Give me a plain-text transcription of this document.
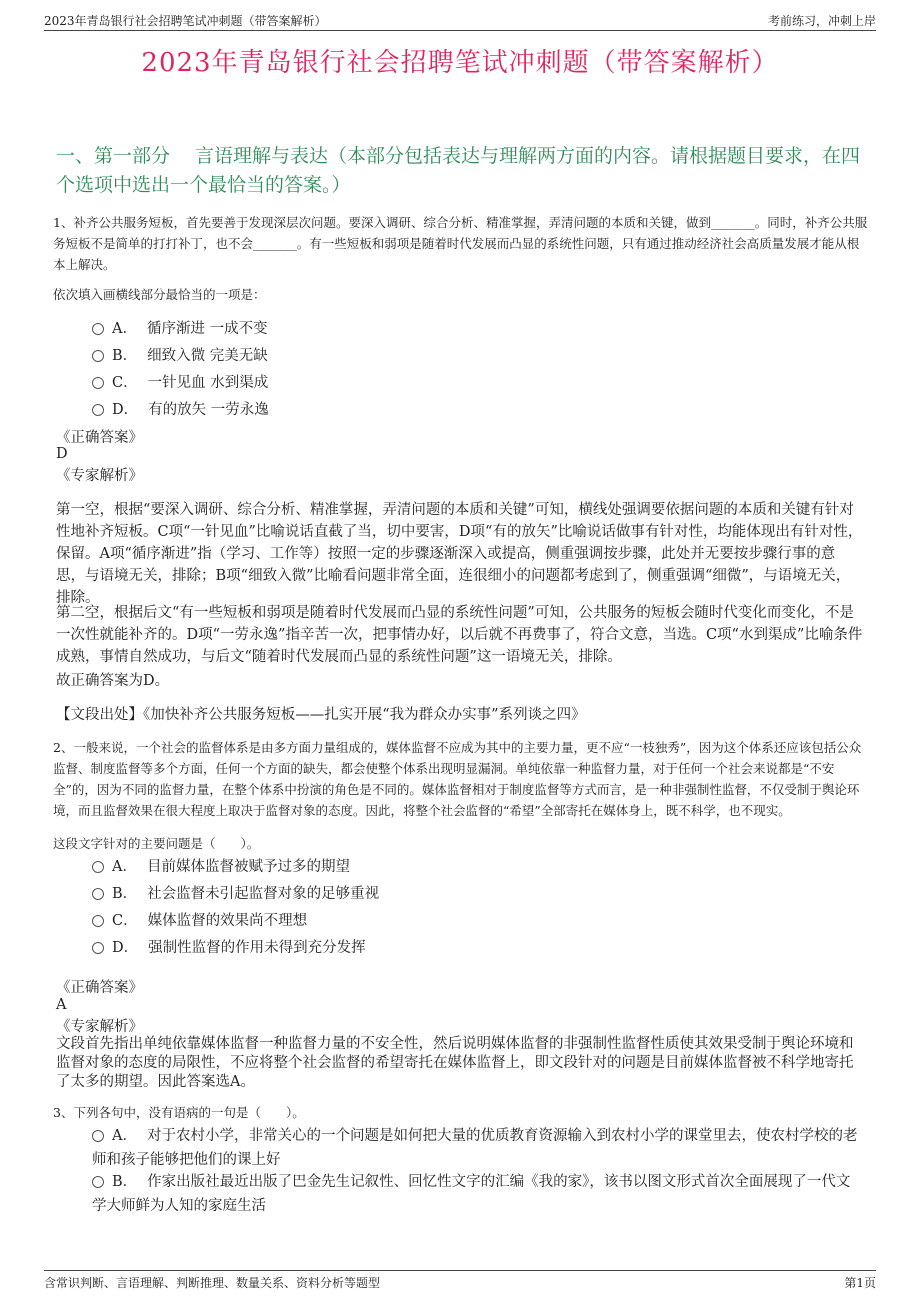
2023年青岛银行社会招聘笔试冲刺题（带答案解析）	考前练习，冲刺上岸
2023年青岛银行社会招聘笔试冲刺题（带答案解析）
一、第一部分　 言语理解与表达（本部分包括表达与理解两方面的内容。请根据题目要求，在四个选项中选出一个最恰当的答案。）
1、补齐公共服务短板，首先要善于发现深层次问题。要深入调研、综合分析、精准掌握，弄清问题的本质和关键，做到_______。同时，补齐公共服务短板不是简单的打打补丁，也不会_______。有一些短板和弱项是随着时代发展而凸显的系统性问题，只有通过推动经济社会高质量发展才能从根本上解决。
依次填入画横线部分最恰当的一项是：
A． 循序渐进 一成不变
B． 细致入微 完美无缺
C． 一针见血 水到渠成
D． 有的放矢 一劳永逸
《正确答案》
D
《专家解析》
第一空，根据“要深入调研、综合分析、精准掌握，弄清问题的本质和关键”可知，横线处强调要依据问题的本质和关键有针对性地补齐短板。C项“一针见血”比喻说话直截了当，切中要害，D项“有的放矢”比喻说话做事有针对性，均能体现出有针对性，保留。A项“循序渐进”指（学习、工作等）按照一定的步骤逐渐深入或提高，侧重强调按步骤，此处并无要按步骤行事的意思，与语境无关，排除；B项“细致入微”比喻看问题非常全面，连很细小的问题都考虑到了，侧重强调“细微”，与语境无关，排除。
第二空，根据后文“有一些短板和弱项是随着时代发展而凸显的系统性问题”可知，公共服务的短板会随时代变化而变化，不是一次性就能补齐的。D项“一劳永逸”指辛苦一次，把事情办好，以后就不再费事了，符合文意，当选。C项“水到渠成”比喻条件成熟，事情自然成功，与后文“随着时代发展而凸显的系统性问题”这一语境无关，排除。
故正确答案为D。
【文段出处】《加快补齐公共服务短板——扎实开展“我为群众办实事”系列谈之四》
2、一般来说，一个社会的监督体系是由多方面力量组成的，媒体监督不应成为其中的主要力量，更不应“一枝独秀”，因为这个体系还应该包括公众监督、制度监督等多个方面，任何一个方面的缺失，都会使整个体系出现明显漏洞。单纯依靠一种监督力量，对于任何一个社会来说都是“不安全”的，因为不同的监督力量，在整个体系中扮演的角色是不同的。媒体监督相对于制度监督等方式而言，是一种非强制性监督，不仅受制于舆论环境，而且监督效果在很大程度上取决于监督对象的态度。因此，将整个社会监督的“希望”全部寄托在媒体身上，既不科学，也不现实。
这段文字针对的主要问题是（　　）。
A． 目前媒体监督被赋予过多的期望
B． 社会监督未引起监督对象的足够重视
C． 媒体监督的效果尚不理想
D． 强制性监督的作用未得到充分发挥
《正确答案》
A
《专家解析》
文段首先指出单纯依靠媒体监督一种监督力量的不安全性，然后说明媒体监督的非强制性监督性质使其效果受制于舆论环境和监督对象的态度的局限性，不应将整个社会监督的希望寄托在媒体监督上，即文段针对的问题是目前媒体监督被不科学地寄托了太多的期望。因此答案选A。
3、下列各句中，没有语病的一句是（　　）。
A． 对于农村小学，非常关心的一个问题是如何把大量的优质教育资源输入到农村小学的课堂里去，使农村学校的老师和孩子能够把他们的课上好
B． 作家出版社最近出版了巴金先生记叙性、回忆性文字的汇编《我的家》，该书以图文形式首次全面展现了一代文学大师鲜为人知的家庭生活
含常识判断、言语理解、判断推理、数量关系、资料分析等题型	第1页
